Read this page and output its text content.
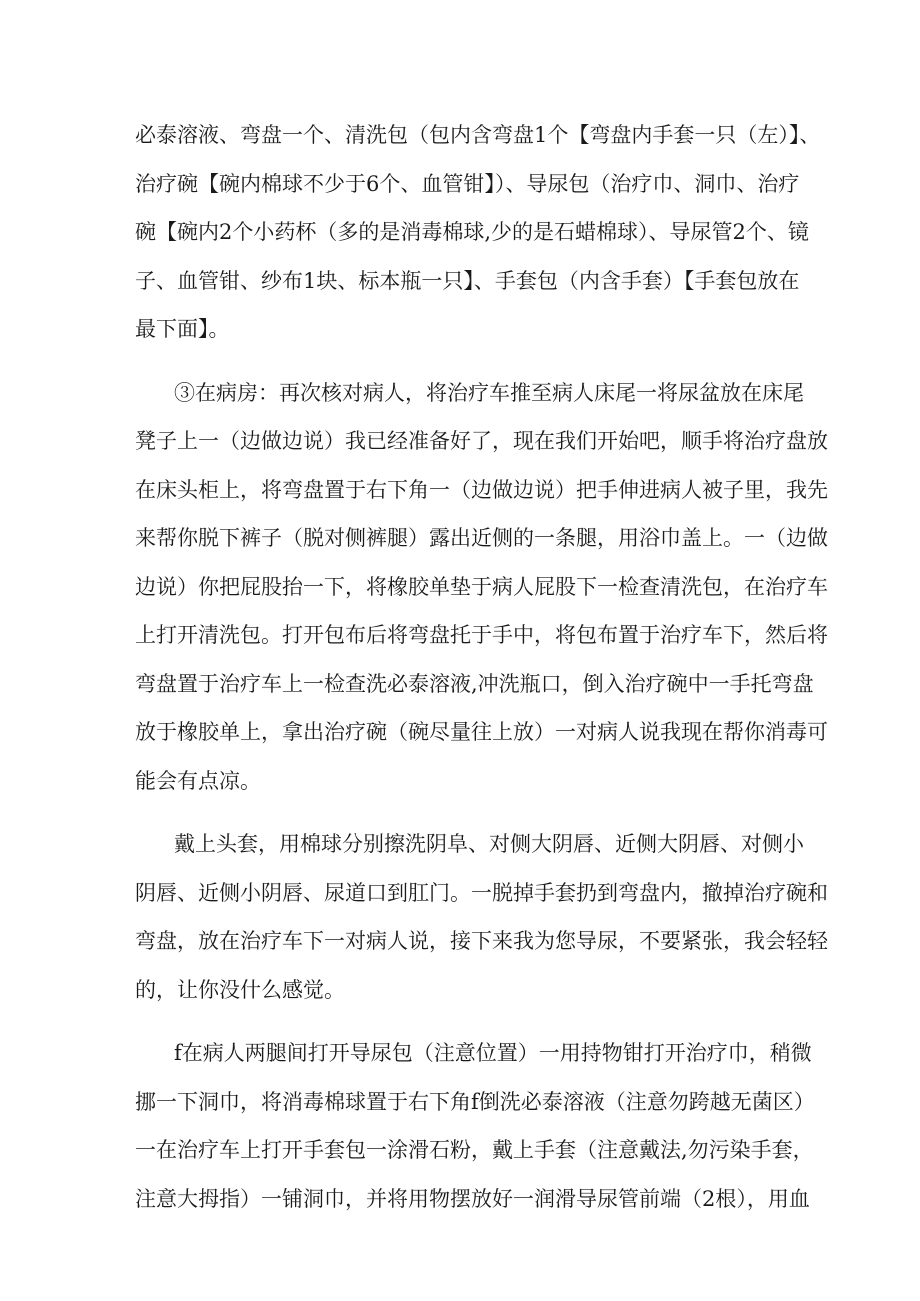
必泰溶液、弯盘一个、清洗包（包内含弯盘1个【弯盘内手套一只（左）】、
治疗碗【碗内棉球不少于6个、血管钳】）、导尿包（治疗巾、洞巾、治疗
碗【碗内2个小药杯（多的是消毒棉球,少的是石蜡棉球）、导尿管2个、镜
子、血管钳、纱布1块、标本瓶一只】、手套包（内含手套）【手套包放在
最下面】。
③在病房：再次核对病人，将治疗车推至病人床尾一将尿盆放在床尾
凳子上一（边做边说）我已经准备好了，现在我们开始吧，顺手将治疗盘放
在床头柜上，将弯盘置于右下角一（边做边说）把手伸进病人被子里，我先
来帮你脱下裤子（脱对侧裤腿）露出近侧的一条腿，用浴巾盖上。一（边做
边说）你把屁股抬一下，将橡胶单垫于病人屁股下一检查清洗包，在治疗车
上打开清洗包。打开包布后将弯盘托于手中，将包布置于治疗车下，然后将
弯盘置于治疗车上一检查洗必泰溶液,冲洗瓶口，倒入治疗碗中一手托弯盘
放于橡胶单上，拿出治疗碗（碗尽量往上放）一对病人说我现在帮你消毒可
能会有点凉。
戴上头套，用棉球分别擦洗阴阜、对侧大阴唇、近侧大阴唇、对侧小
阴唇、近侧小阴唇、尿道口到肛门。一脱掉手套扔到弯盘内，撤掉治疗碗和
弯盘，放在治疗车下一对病人说，接下来我为您导尿，不要紧张，我会轻轻
的，让你没什么感觉。
f在病人两腿间打开导尿包（注意位置）一用持物钳打开治疗巾，稍微
挪一下洞巾，将消毒棉球置于右下角f倒洗必泰溶液（注意勿跨越无菌区）
一在治疗车上打开手套包一涂滑石粉，戴上手套（注意戴法,勿污染手套，
注意大拇指）一铺洞巾，并将用物摆放好一润滑导尿管前端（2根），用血
